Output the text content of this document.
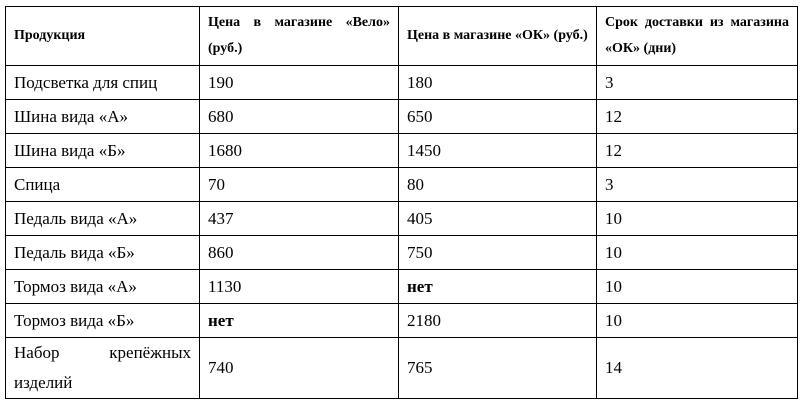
Продукция	Цена в магазине «Вело» (руб.)	Цена в магазине «ОК» (руб.)	Срок доставки из магазина «ОК» (дни)
Подсветка для спиц	190	180	3
Шина вида «А»	680	650	12
Шина вида «Б»	1680	1450	12
Спица	70	80	3
Педаль вида «А»	437	405	10
Педаль вида «Б»	860	750	10
Тормоз вида «А»	1130	нет	10
Тормоз вида «Б»	нет	2180	10
Набор крепёжных изделий	740	765	14
